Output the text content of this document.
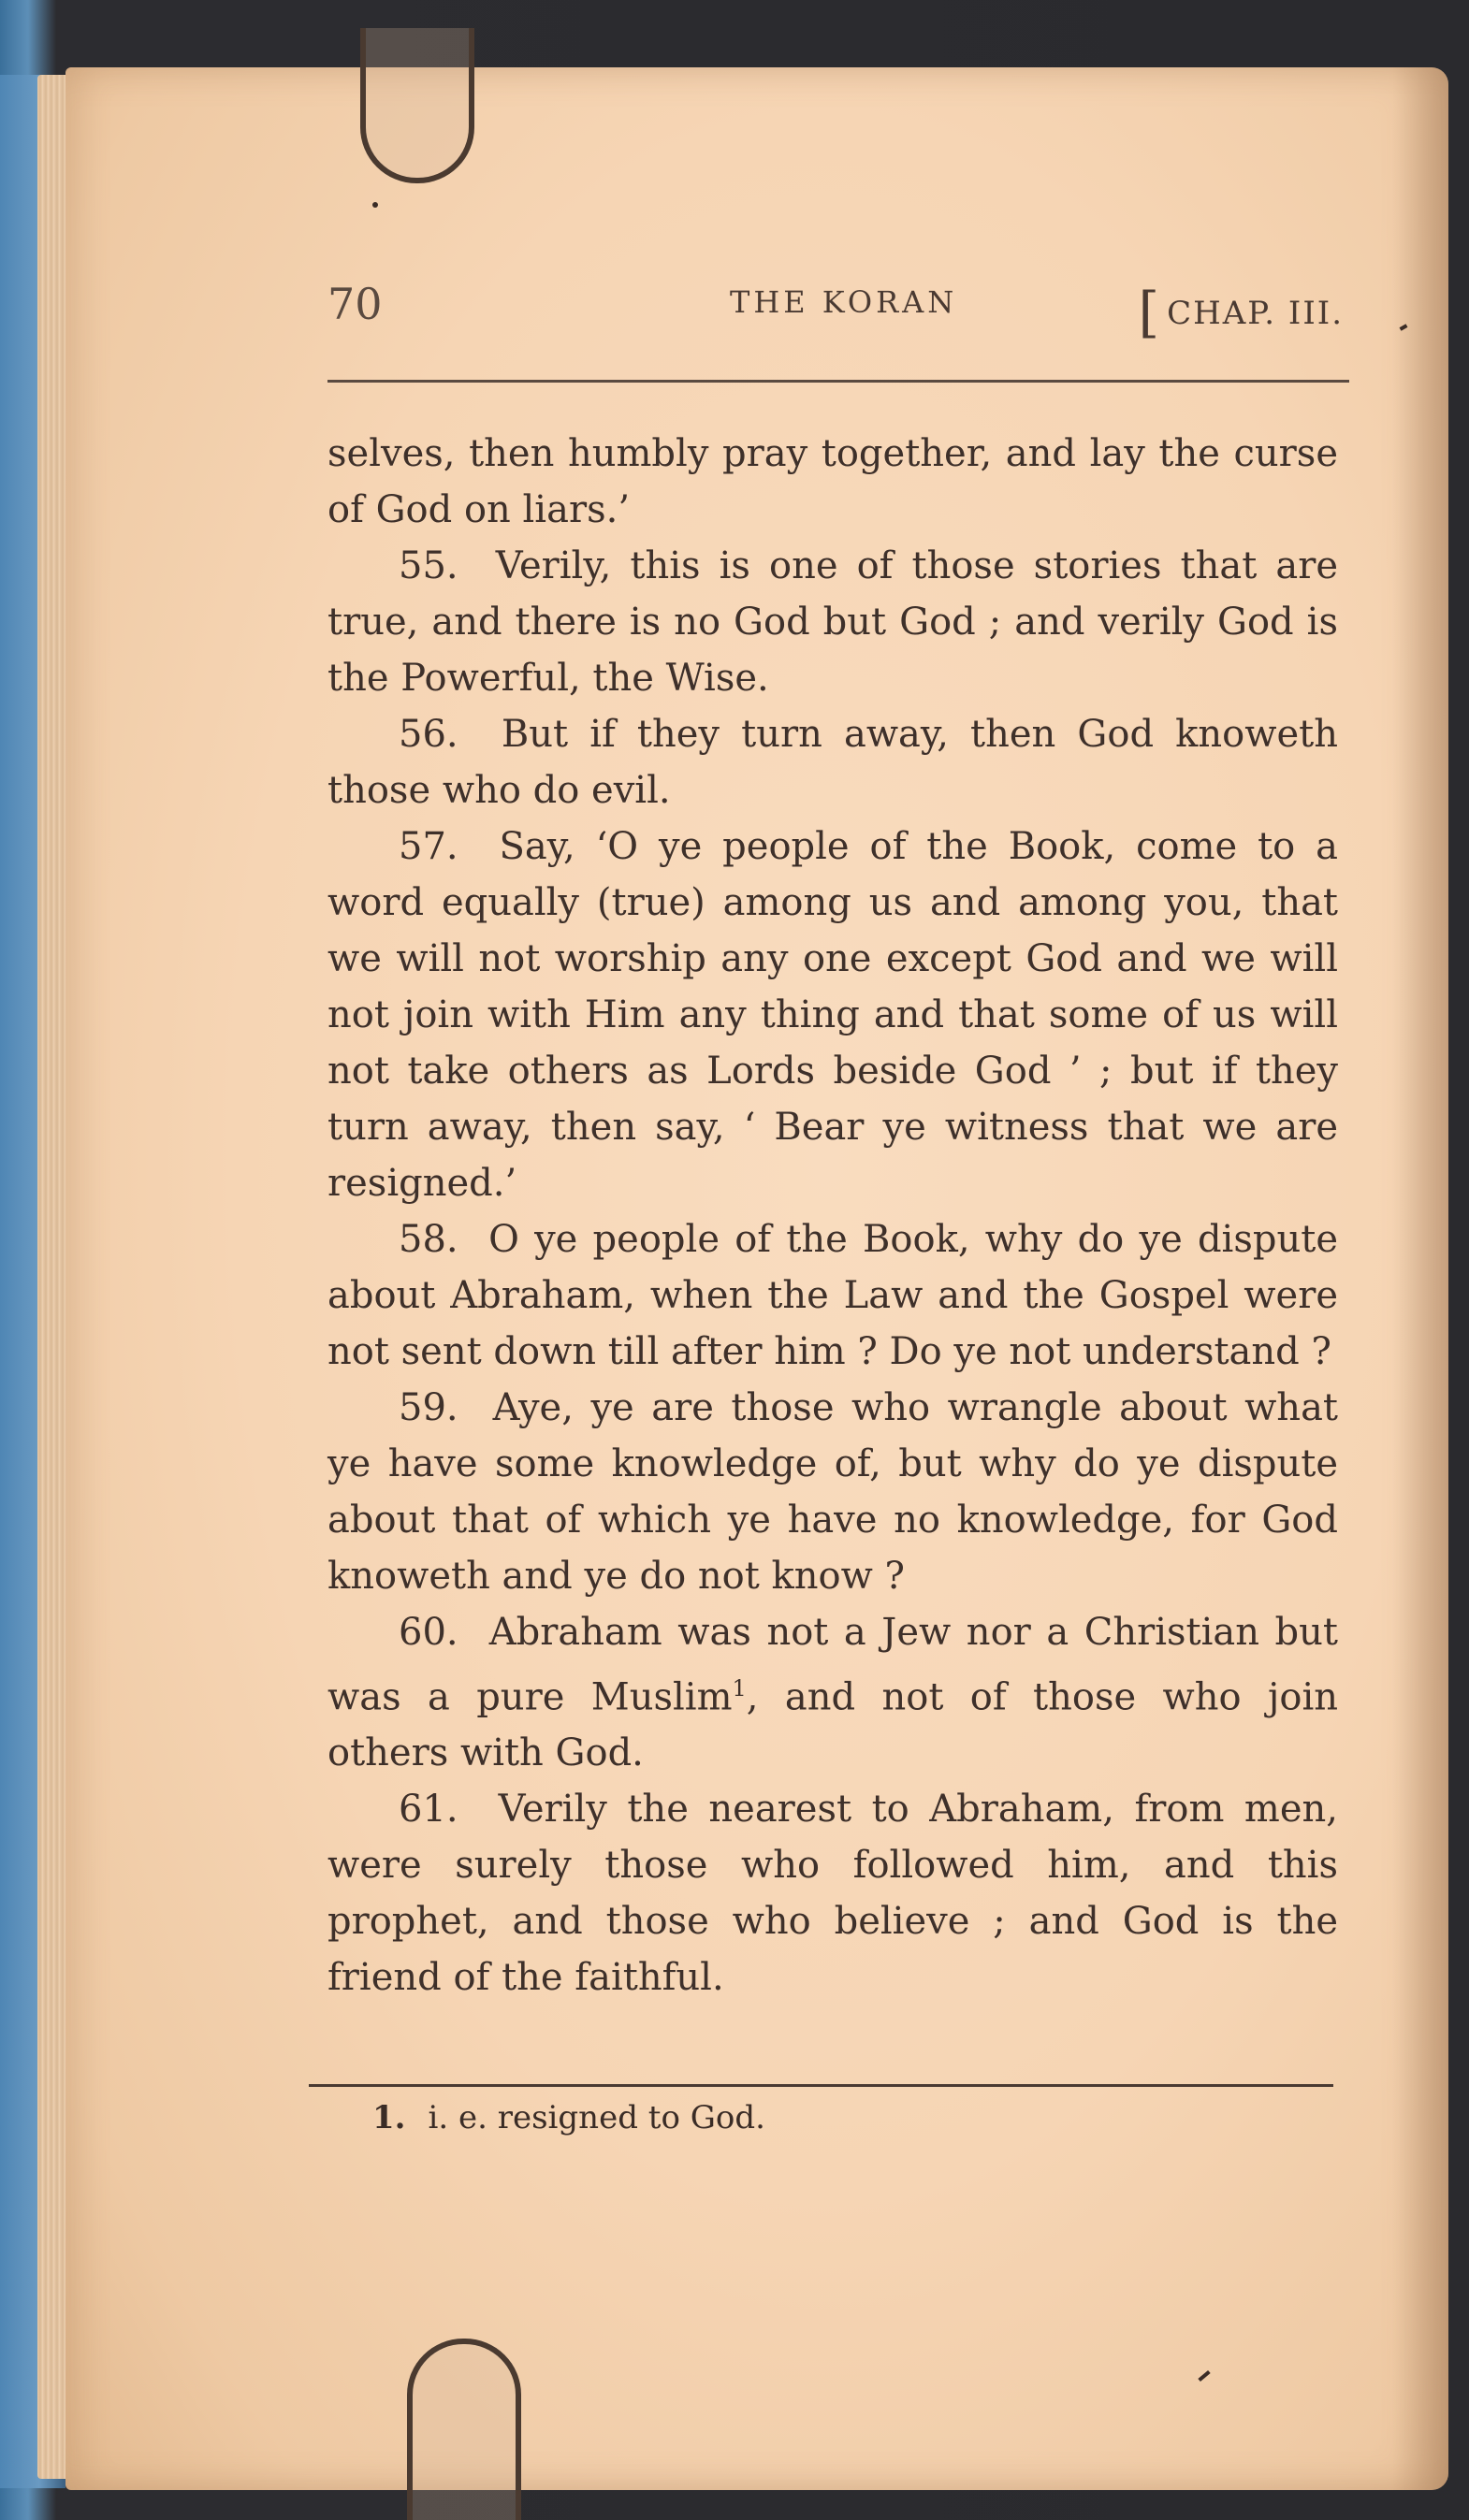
70	THE KORAN	[ CHAP. III.

selves, then humbly pray together, and lay the curse of God on liars.’

55. Verily, this is one of those stories that are true, and there is no God but God ; and verily God is the Powerful, the Wise.

56. But if they turn away, then God knoweth those who do evil.

57. Say, ‘O ye people of the Book, come to a word equally (true) among us and among you, that we will not worship any one except God and we will not join with Him any thing and that some of us will not take others as Lords beside God ’ ; but if they turn away, then say, ‘ Bear ye witness that we are resigned.’

58. O ye people of the Book, why do ye dispute about Abraham, when the Law and the Gospel were not sent down till after him ? Do ye not understand ?

59. Aye, ye are those who wrangle about what ye have some knowledge of, but why do ye dispute about that of which ye have no knowledge, for God knoweth and ye do not know ?

60. Abraham was not a Jew nor a Christian but was a pure Muslim$^1$, and not of those who join others with God.

61. Verily the nearest to Abraham, from men, were surely those who followed him, and this prophet, and those who believe ; and God is the friend of the faithful.

1. i. e. resigned to God.
